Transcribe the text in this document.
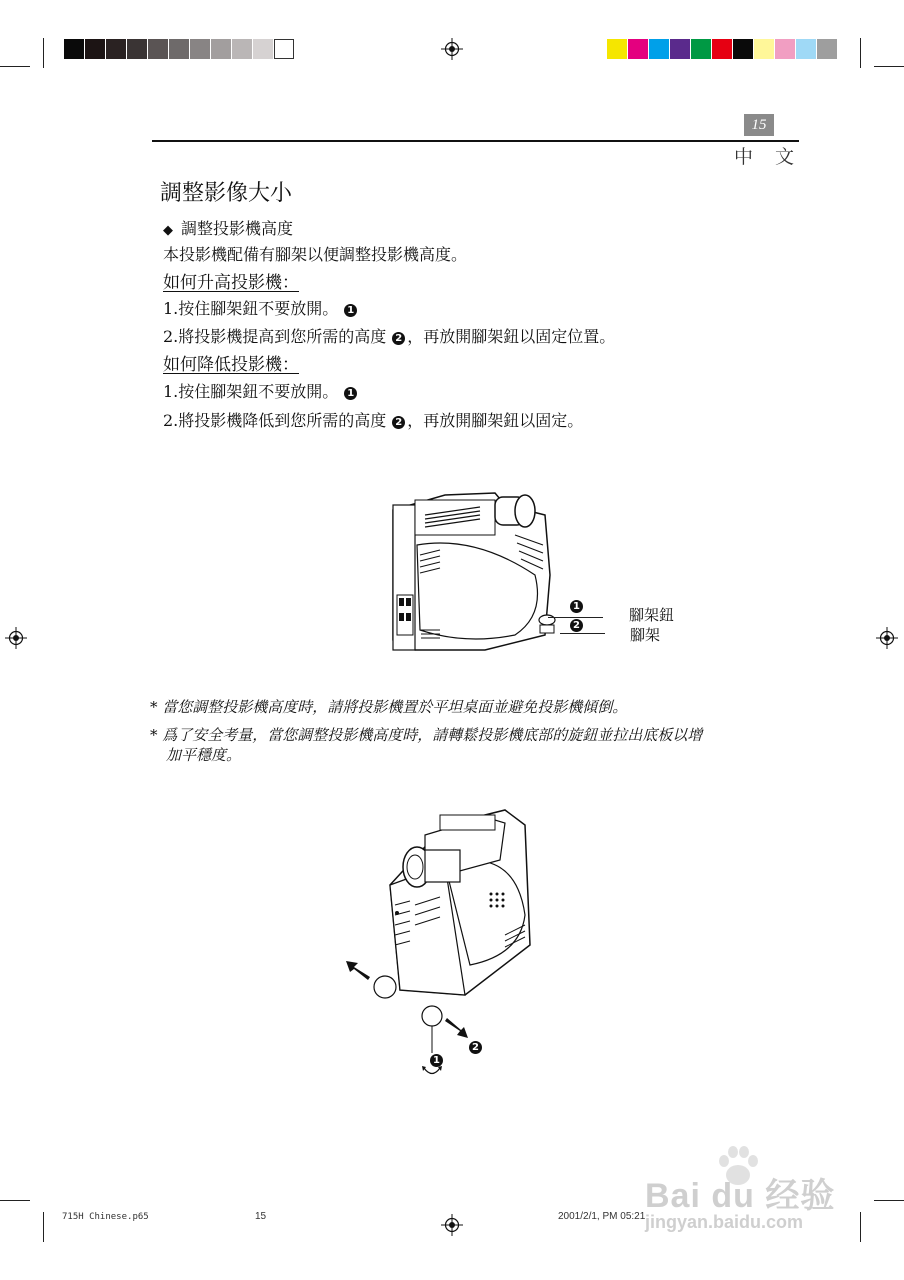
15
中 文
調整影像大小
◆ 調整投影機高度
本投影機配備有腳架以便調整投影機高度。
如何升高投影機：
1.按住腳架鈕不要放開。 1
2.將投影機提高到您所需的高度 2 ，再放開腳架鈕以固定位置。
如何降低投影機：
1.按住腳架鈕不要放開。 1
2.將投影機降低到您所需的高度 2 ，再放開腳架鈕以固定。
1
2
腳架鈕
腳架
* 當您調整投影機高度時，請將投影機置於平坦桌面並避免投影機傾倒。
* 爲了安全考量，當您調整投影機高度時，請轉鬆投影機底部的旋鈕並拉出底板以增
加平穩度。
1
2
715H Chinese.p65	15	2001/2/1, PM 05:21
Bai du 经验
jingyan.baidu.com
